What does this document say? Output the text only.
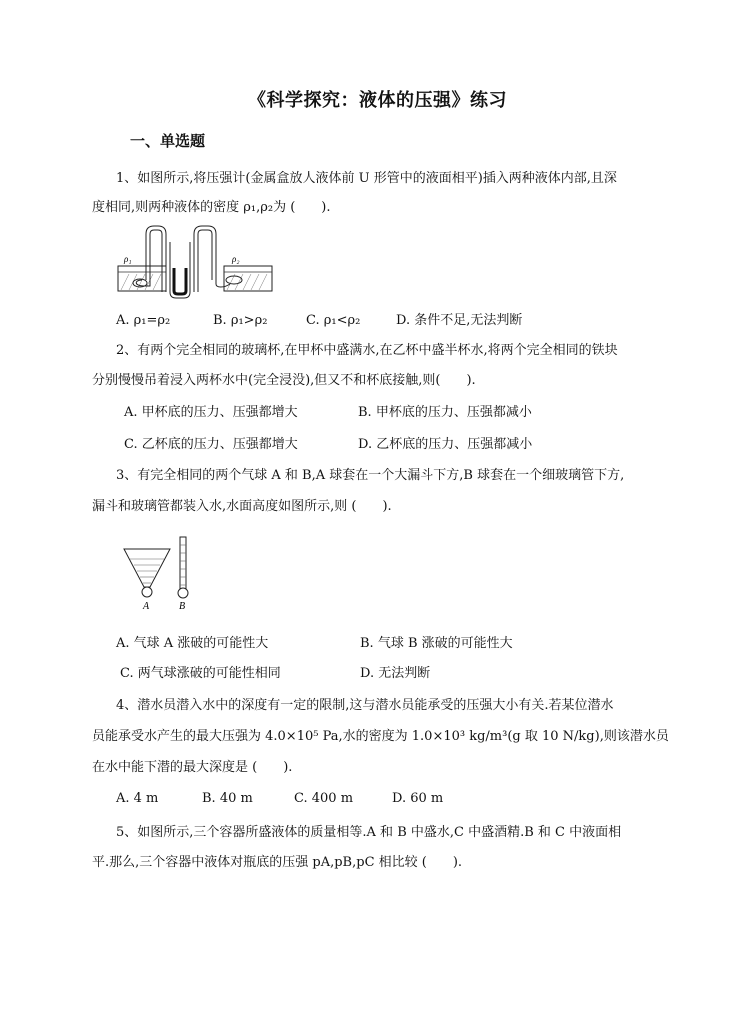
《科学探究：液体的压强》练习
一、单选题
1、如图所示,将压强计(金属盒放人液体前 U 形管中的液面相平)插入两种液体内部,且深
度相同,则两种液体的密度 ρ₁,ρ₂为 (　　).
ρ₁	ρ₂
A. ρ₁=ρ₂	B. ρ₁>ρ₂	C. ρ₁<ρ₂	D. 条件不足,无法判断
2、有两个完全相同的玻璃杯,在甲杯中盛满水,在乙杯中盛半杯水,将两个完全相同的铁块
分别慢慢吊着浸入两杯水中(完全浸没),但又不和杯底接触,则(　　).
A. 甲杯底的压力、压强都增大	B. 甲杯底的压力、压强都减小
C. 乙杯底的压力、压强都增大	D. 乙杯底的压力、压强都减小
3、有完全相同的两个气球 A 和 B,A 球套在一个大漏斗下方,B 球套在一个细玻璃管下方,
漏斗和玻璃管都装入水,水面高度如图所示,则 (　　).
A	B
A. 气球 A 涨破的可能性大	B. 气球 B 涨破的可能性大
C. 两气球涨破的可能性相同	D. 无法判断
4、潜水员潜入水中的深度有一定的限制,这与潜水员能承受的压强大小有关.若某位潜水
员能承受水产生的最大压强为 4.0×10⁵ Pa,水的密度为 1.0×10³ kg/m³(g 取 10 N/kg),则该潜水员
在水中能下潜的最大深度是 (　　).
A. 4 m	B. 40 m	C. 400 m	D. 60 m
5、如图所示,三个容器所盛液体的质量相等.A 和 B 中盛水,C 中盛酒精.B 和 C 中液面相
平.那么,三个容器中液体对瓶底的压强 pA,pB,pC 相比较 (　　).
